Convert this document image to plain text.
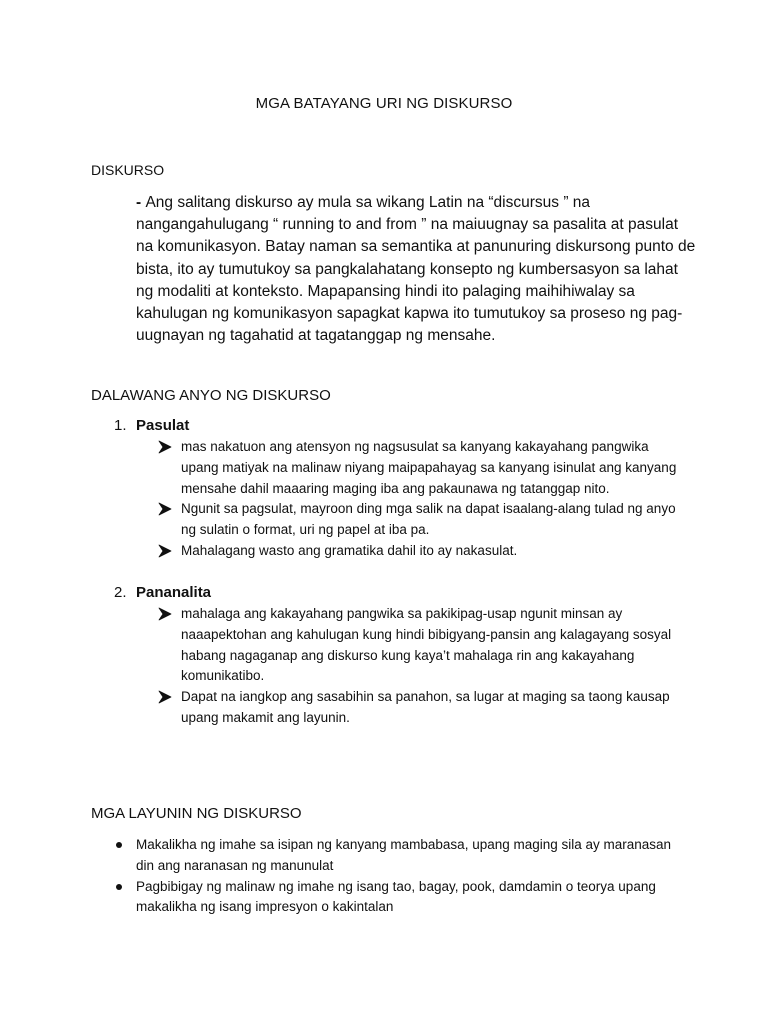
MGA BATAYANG URI NG DISKURSO
DISKURSO
- Ang salitang diskurso ay mula sa wikang Latin na “discursus ” na nangangahulugang “ running to and from ” na maiuugnay sa pasalita at pasulat na komunikasyon. Batay naman sa semantika at panunuring diskursong punto de bista, ito ay tumutukoy sa pangkalahatang konsepto ng kumbersasyon sa lahat ng modaliti at konteksto. Mapapansing hindi ito palaging maihihiwalay sa kahulugan ng komunikasyon sapagkat kapwa ito tumutukoy sa proseso ng pag-uugnayan ng tagahatid at tagatanggap ng mensahe.
DALAWANG ANYO NG DISKURSO
1. Pasulat
mas nakatuon ang atensyon ng nagsusulat sa kanyang kakayahang pangwika upang matiyak na malinaw niyang maipapahayag sa kanyang isinulat ang kanyang mensahe dahil maaaring maging iba ang pakaunawa ng tatanggap nito.
Ngunit sa pagsulat, mayroon ding mga salik na dapat isaalang-alang tulad ng anyo ng sulatin o format, uri ng papel at iba pa.
Mahalagang wasto ang gramatika dahil ito ay nakasulat.
2. Pananalita
mahalaga ang kakayahang pangwika sa pakikipag-usap ngunit minsan ay naaapektohan ang kahulugan kung hindi bibigyang-pansin ang kalagayang sosyal habang nagaganap ang diskurso kung kaya’t mahalaga rin ang kakayahang komunikatibo.
Dapat na iangkop ang sasabihin sa panahon, sa lugar at maging sa taong kausap upang makamit ang layunin.
MGA LAYUNIN NG DISKURSO
Makalikha ng imahe sa isipan ng kanyang mambabasa, upang maging sila ay maranasan din ang naranasan ng manunulat
Pagbibigay ng malinaw ng imahe ng isang tao, bagay, pook, damdamin o teorya upang makalikha ng isang impresyon o kakintalan
